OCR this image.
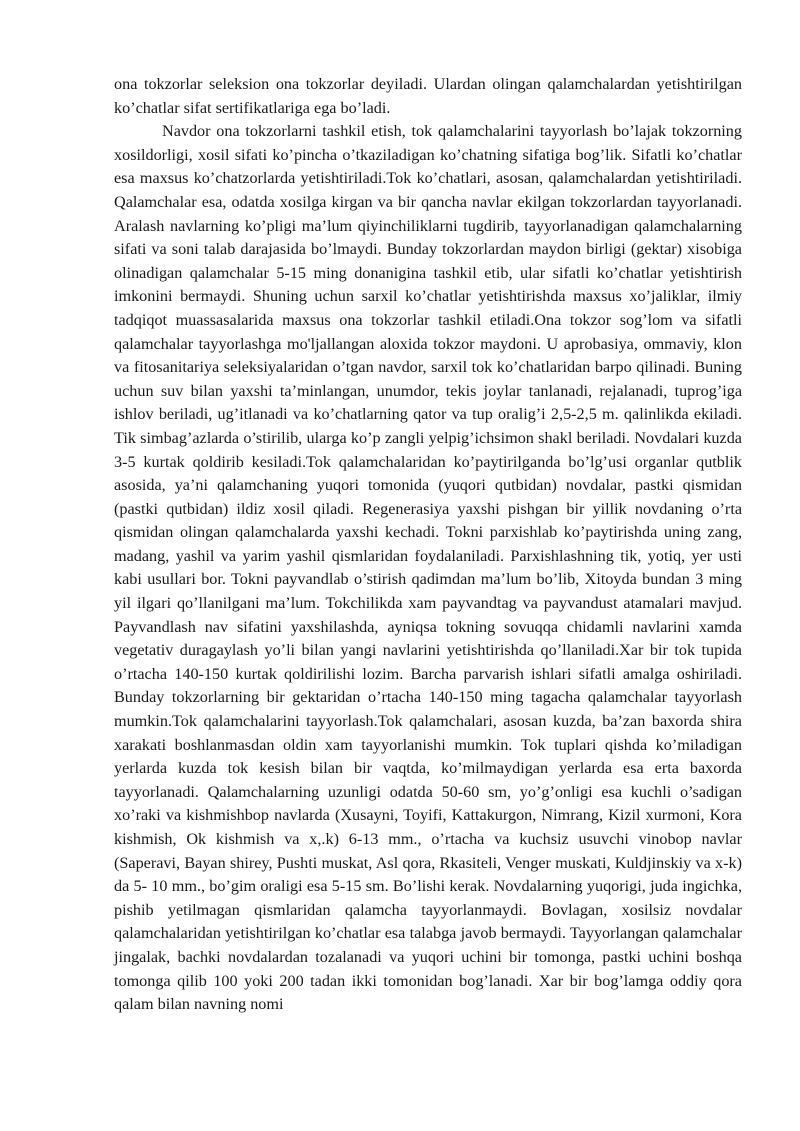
ona tokzorlar seleksion ona tokzorlar deyiladi. Ulardan olingan qalamchalardan yetishtirilgan ko’chatlar sifat sertifikatlariga ega bo’ladi.

Navdor ona tokzorlarni tashkil etish, tok qalamchalarini tayyorlash bo’lajak tokzorning xosildorligi, xosil sifati ko’pincha o’tkaziladigan ko’chatning sifatiga bog’lik. Sifatli ko’chatlar esa maxsus ko’chatzorlarda yetishtiriladi.Tok ko’chatlari, asosan, qalamchalardan yetishtiriladi. Qalamchalar esa, odatda xosilga kirgan va bir qancha navlar ekilgan tokzorlardan tayyorlanadi. Aralash navlarning ko’pligi ma’lum qiyinchiliklarni tugdirib, tayyorlanadigan qalamchalarning sifati va soni talab darajasida bo’lmaydi. Bunday tokzorlardan maydon birligi (gektar) xisobiga olinadigan qalamchalar 5-15 ming donanigina tashkil etib, ular sifatli ko’chatlar yetishtirish imkonini bermaydi. Shuning uchun sarxil ko’chatlar yetishtirishda maxsus xo’jaliklar, ilmiy tadqiqot muassasalarida maxsus ona tokzorlar tashkil etiladi.Ona tokzor sog’lom va sifatli qalamchalar tayyorlashga mo'ljallangan aloxida tokzor maydoni. U aprobasiya, ommaviy, klon va fitosanitariya seleksiyalaridan o’tgan navdor, sarxil tok ko’chatlaridan barpo qilinadi. Buning uchun suv bilan yaxshi ta’minlangan, unumdor, tekis joylar tanlanadi, rejalanadi, tuprog’iga ishlov beriladi, ug’itlanadi va ko’chatlarning qator va tup oralig’i 2,5-2,5 m. qalinlikda ekiladi. Tik simbag’azlarda o’stirilib, ularga ko’p zangli yelpig’ichsimon shakl beriladi. Novdalari kuzda 3-5 kurtak qoldirib kesiladi.Tok qalamchalaridan ko’paytirilganda bo’lg’usi organlar qutblik asosida, ya’ni qalamchaning yuqori tomonida (yuqori qutbidan) novdalar, pastki qismidan (pastki qutbidan) ildiz xosil qiladi. Regenerasiya yaxshi pishgan bir yillik novdaning o’rta qismidan olingan qalamchalarda yaxshi kechadi. Tokni parxishlab ko’paytirishda uning zang, madang, yashil va yarim yashil qismlaridan foydalaniladi. Parxishlashning tik, yotiq, yer usti kabi usullari bor. Tokni payvandlab o’stirish qadimdan ma’lum bo’lib, Xitoyda bundan 3 ming yil ilgari qo’llanilgani ma’lum. Tokchilikda xam payvandtag va payvandust atamalari mavjud. Payvandlash nav sifatini yaxshilashda, ayniqsa tokning sovuqqa chidamli navlarini xamda vegetativ duragaylash yo’li bilan yangi navlarini yetishtirishda qo’llaniladi.Xar bir tok tupida o’rtacha 140-150 kurtak qoldirilishi lozim. Barcha parvarish ishlari sifatli amalga oshiriladi. Bunday tokzorlarning bir gektaridan o’rtacha 140-150 ming tagacha qalamchalar tayyorlash mumkin.Tok qalamchalarini tayyorlash.Tok qalamchalari, asosan kuzda, ba’zan baxorda shira xarakati boshlanmasdan oldin xam tayyorlanishi mumkin. Tok tuplari qishda ko’miladigan yerlarda kuzda tok kesish bilan bir vaqtda, ko’milmaydigan yerlarda esa erta baxorda tayyorlanadi. Qalamchalarning uzunligi odatda 50-60 sm, yo’g’onligi esa kuchli o’sadigan xo’raki va kishmishbop navlarda (Xusayni, Toyifi, Kattakurgon, Nimrang, Kizil xurmoni, Kora kishmish, Ok kishmish va x,.k) 6-13 mm., o’rtacha va kuchsiz usuvchi vinobop navlar (Saperavi, Bayan shirey, Pushti muskat, Asl qora, Rkasiteli, Venger muskati, Kuldjinskiy va x-k) da 5- 10 mm., bo’gim oraligi esa 5-15 sm. Bo’lishi kerak. Novdalarning yuqorigi, juda ingichka, pishib yetilmagan qismlaridan qalamcha tayyorlanmaydi. Bovlagan, xosilsiz novdalar qalamchalaridan yetishtirilgan ko’chatlar esa talabga javob bermaydi. Tayyorlangan qalamchalar jingalak, bachki novdalardan tozalanadi va yuqori uchini bir tomonga, pastki uchini boshqa tomonga qilib 100 yoki 200 tadan ikki tomonidan bog’lanadi. Xar bir bog’lamga oddiy qora qalam bilan navning nomi
